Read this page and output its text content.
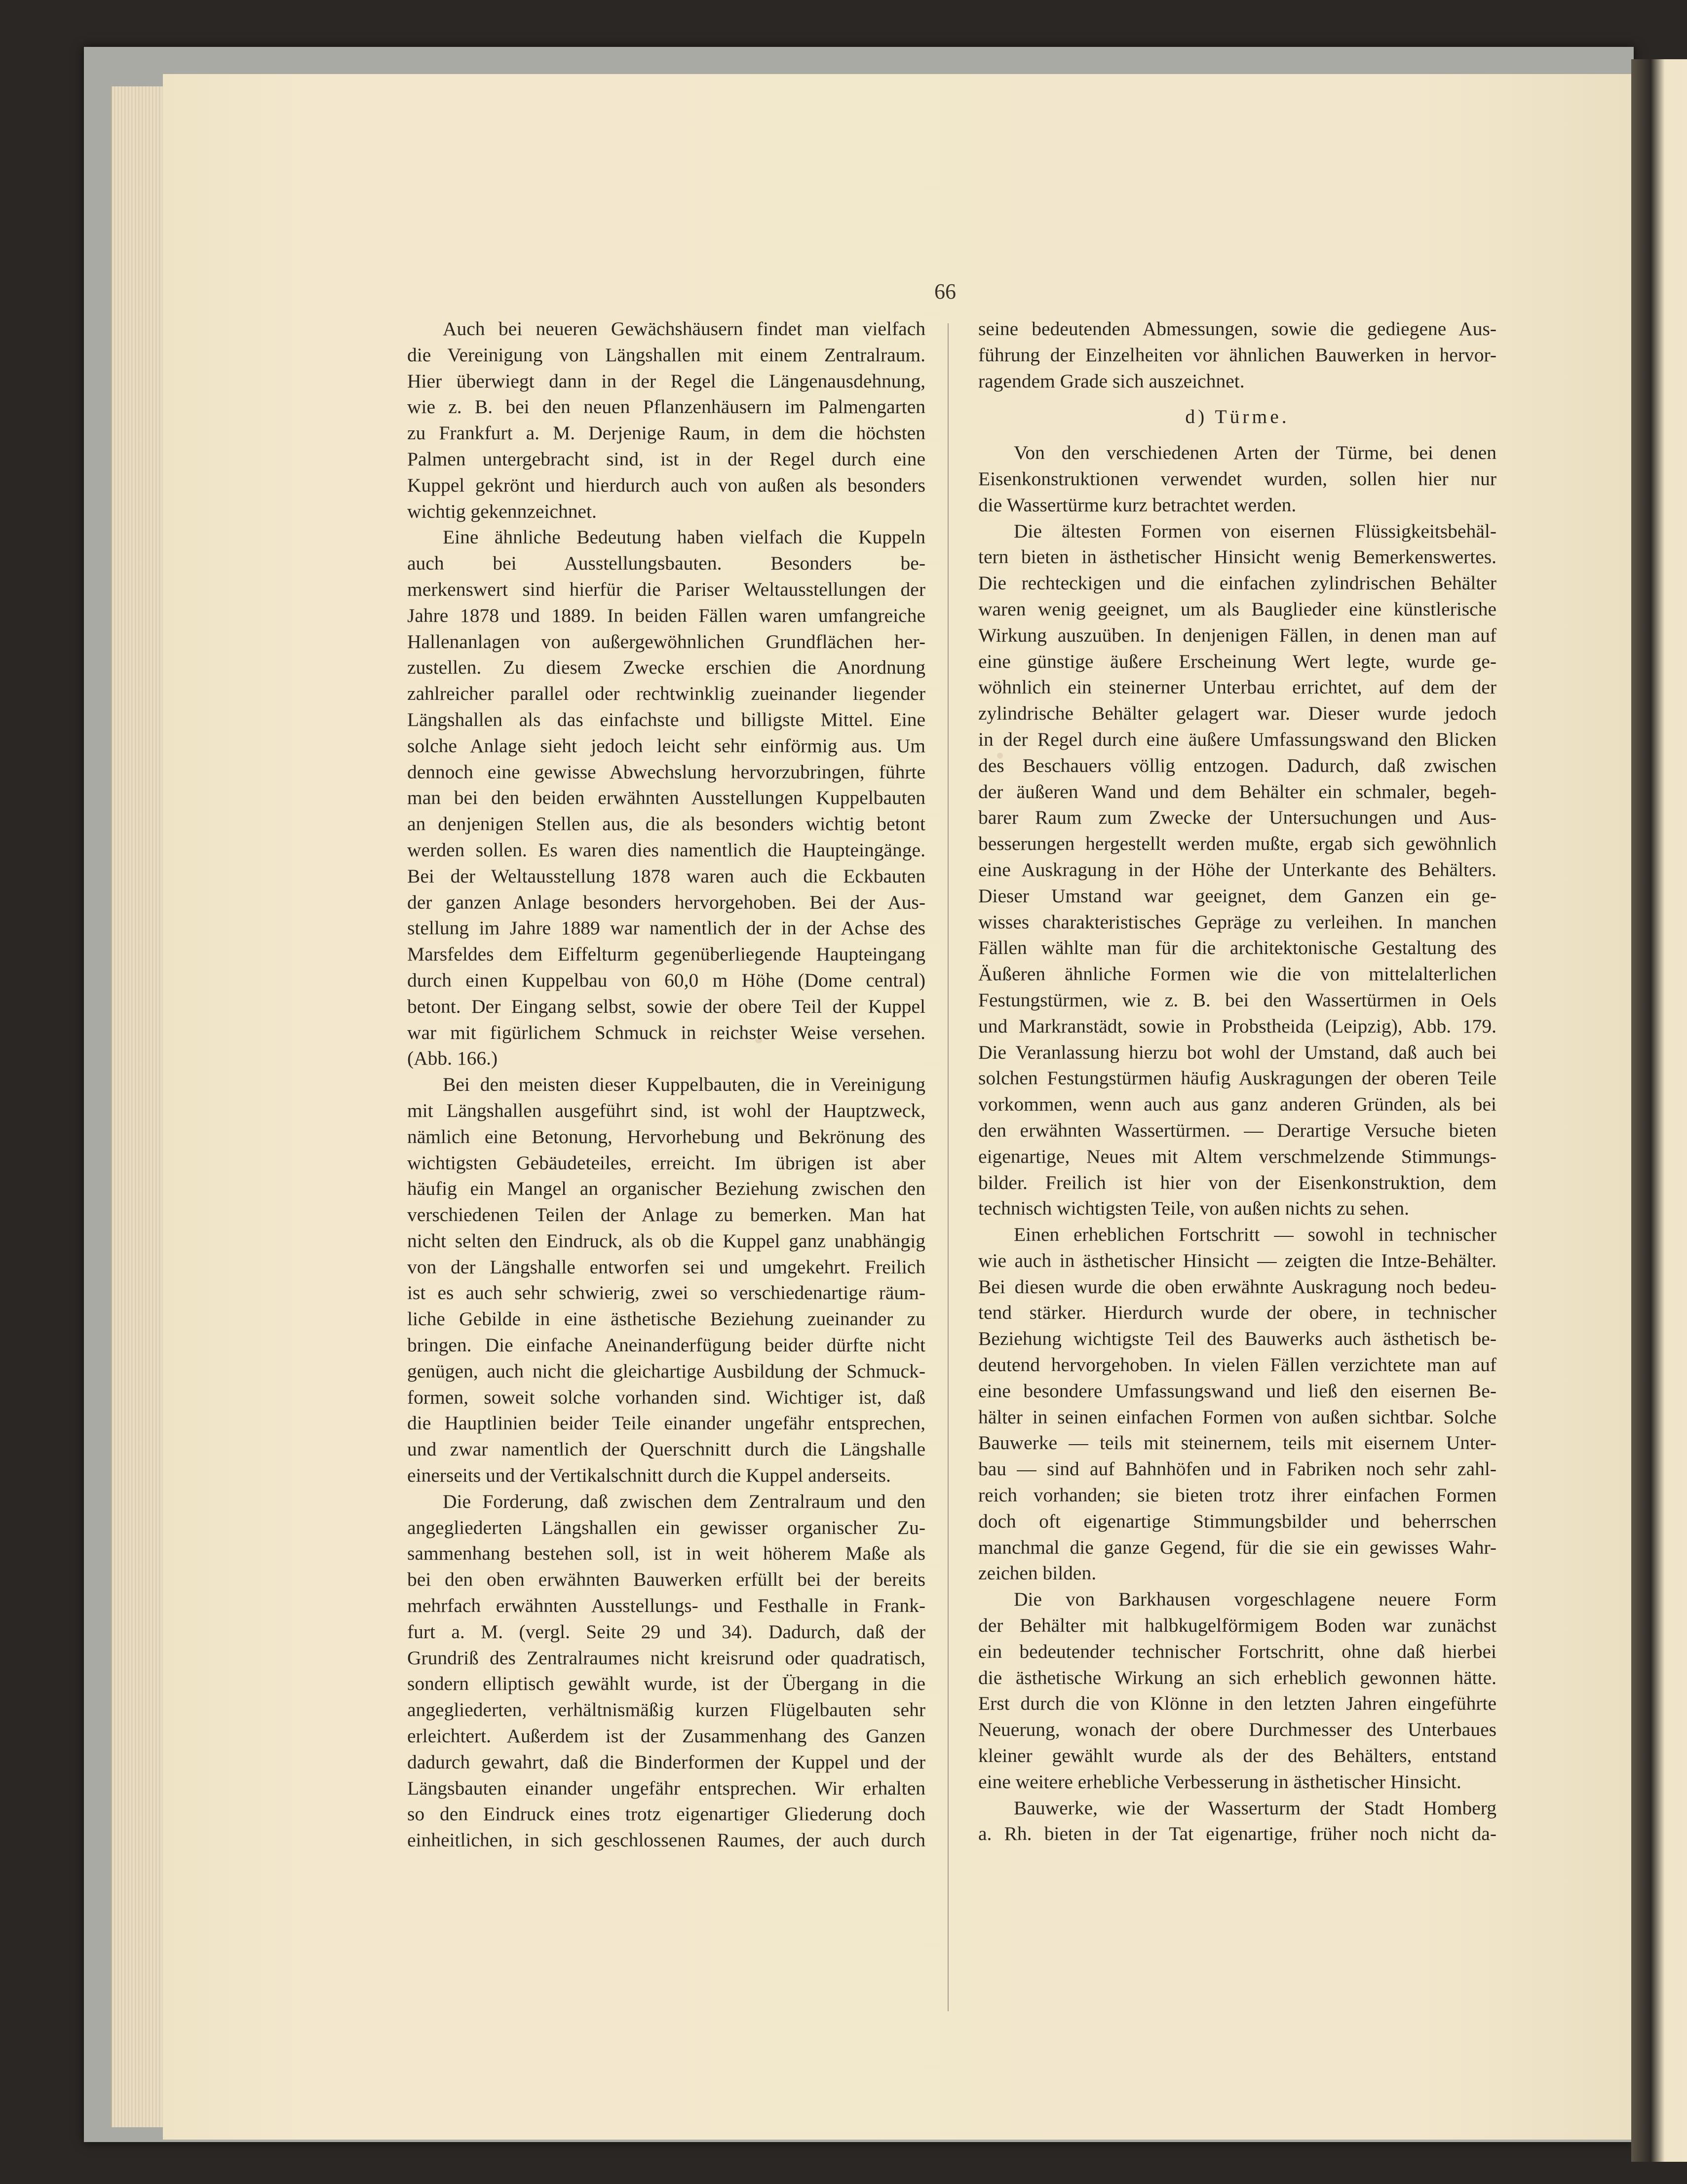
66
Auch bei neueren Gewächshäusern findet man vielfach
die Vereinigung von Längshallen mit einem Zentralraum.
Hier überwiegt dann in der Regel die Längenausdehnung,
wie z. B. bei den neuen Pflanzenhäusern im Palmengarten
zu Frankfurt a. M. Derjenige Raum, in dem die höchsten
Palmen untergebracht sind, ist in der Regel durch eine
Kuppel gekrönt und hierdurch auch von außen als besonders
wichtig gekennzeichnet.
Eine ähnliche Bedeutung haben vielfach die Kuppeln
auch bei Ausstellungsbauten. Besonders be-
merkenswert sind hierfür die Pariser Weltausstellungen der
Jahre 1878 und 1889. In beiden Fällen waren umfangreiche
Hallenanlagen von außergewöhnlichen Grundflächen her-
zustellen. Zu diesem Zwecke erschien die Anordnung
zahlreicher parallel oder rechtwinklig zueinander liegender
Längshallen als das einfachste und billigste Mittel. Eine
solche Anlage sieht jedoch leicht sehr einförmig aus. Um
dennoch eine gewisse Abwechslung hervorzubringen, führte
man bei den beiden erwähnten Ausstellungen Kuppelbauten
an denjenigen Stellen aus, die als besonders wichtig betont
werden sollen. Es waren dies namentlich die Haupteingänge.
Bei der Weltausstellung 1878 waren auch die Eckbauten
der ganzen Anlage besonders hervorgehoben. Bei der Aus-
stellung im Jahre 1889 war namentlich der in der Achse des
Marsfeldes dem Eiffelturm gegenüberliegende Haupteingang
durch einen Kuppelbau von 60,0 m Höhe (Dome central)
betont. Der Eingang selbst, sowie der obere Teil der Kuppel
war mit figürlichem Schmuck in reichster Weise versehen.
(Abb. 166.)
Bei den meisten dieser Kuppelbauten, die in Vereinigung
mit Längshallen ausgeführt sind, ist wohl der Hauptzweck,
nämlich eine Betonung, Hervorhebung und Bekrönung des
wichtigsten Gebäudeteiles, erreicht. Im übrigen ist aber
häufig ein Mangel an organischer Beziehung zwischen den
verschiedenen Teilen der Anlage zu bemerken. Man hat
nicht selten den Eindruck, als ob die Kuppel ganz unabhängig
von der Längshalle entworfen sei und umgekehrt. Freilich
ist es auch sehr schwierig, zwei so verschiedenartige räum-
liche Gebilde in eine ästhetische Beziehung zueinander zu
bringen. Die einfache Aneinanderfügung beider dürfte nicht
genügen, auch nicht die gleichartige Ausbildung der Schmuck-
formen, soweit solche vorhanden sind. Wichtiger ist, daß
die Hauptlinien beider Teile einander ungefähr entsprechen,
und zwar namentlich der Querschnitt durch die Längshalle
einerseits und der Vertikalschnitt durch die Kuppel anderseits.
Die Forderung, daß zwischen dem Zentralraum und den
angegliederten Längshallen ein gewisser organischer Zu-
sammenhang bestehen soll, ist in weit höherem Maße als
bei den oben erwähnten Bauwerken erfüllt bei der bereits
mehrfach erwähnten Ausstellungs- und Festhalle in Frank-
furt a. M. (vergl. Seite 29 und 34). Dadurch, daß der
Grundriß des Zentralraumes nicht kreisrund oder quadratisch,
sondern elliptisch gewählt wurde, ist der Übergang in die
angegliederten, verhältnismäßig kurzen Flügelbauten sehr
erleichtert. Außerdem ist der Zusammenhang des Ganzen
dadurch gewahrt, daß die Binderformen der Kuppel und der
Längsbauten einander ungefähr entsprechen. Wir erhalten
so den Eindruck eines trotz eigenartiger Gliederung doch
einheitlichen, in sich geschlossenen Raumes, der auch durch
seine bedeutenden Abmessungen, sowie die gediegene Aus-
führung der Einzelheiten vor ähnlichen Bauwerken in hervor-
ragendem Grade sich auszeichnet.
d) Türme.
Von den verschiedenen Arten der Türme, bei denen
Eisenkonstruktionen verwendet wurden, sollen hier nur
die Wassertürme kurz betrachtet werden.
Die ältesten Formen von eisernen Flüssigkeitsbehäl-
tern bieten in ästhetischer Hinsicht wenig Bemerkenswertes.
Die rechteckigen und die einfachen zylindrischen Behälter
waren wenig geeignet, um als Bauglieder eine künstlerische
Wirkung auszuüben. In denjenigen Fällen, in denen man auf
eine günstige äußere Erscheinung Wert legte, wurde ge-
wöhnlich ein steinerner Unterbau errichtet, auf dem der
zylindrische Behälter gelagert war. Dieser wurde jedoch
in der Regel durch eine äußere Umfassungswand den Blicken
des Beschauers völlig entzogen. Dadurch, daß zwischen
der äußeren Wand und dem Behälter ein schmaler, begeh-
barer Raum zum Zwecke der Untersuchungen und Aus-
besserungen hergestellt werden mußte, ergab sich gewöhnlich
eine Auskragung in der Höhe der Unterkante des Behälters.
Dieser Umstand war geeignet, dem Ganzen ein ge-
wisses charakteristisches Gepräge zu verleihen. In manchen
Fällen wählte man für die architektonische Gestaltung des
Äußeren ähnliche Formen wie die von mittelalterlichen
Festungstürmen, wie z. B. bei den Wassertürmen in Oels
und Markranstädt, sowie in Probstheida (Leipzig), Abb. 179.
Die Veranlassung hierzu bot wohl der Umstand, daß auch bei
solchen Festungstürmen häufig Auskragungen der oberen Teile
vorkommen, wenn auch aus ganz anderen Gründen, als bei
den erwähnten Wassertürmen. — Derartige Versuche bieten
eigenartige, Neues mit Altem verschmelzende Stimmungs-
bilder. Freilich ist hier von der Eisenkonstruktion, dem
technisch wichtigsten Teile, von außen nichts zu sehen.
Einen erheblichen Fortschritt — sowohl in technischer
wie auch in ästhetischer Hinsicht — zeigten die Intze-Behälter.
Bei diesen wurde die oben erwähnte Auskragung noch bedeu-
tend stärker. Hierdurch wurde der obere, in technischer
Beziehung wichtigste Teil des Bauwerks auch ästhetisch be-
deutend hervorgehoben. In vielen Fällen verzichtete man auf
eine besondere Umfassungswand und ließ den eisernen Be-
hälter in seinen einfachen Formen von außen sichtbar. Solche
Bauwerke — teils mit steinernem, teils mit eisernem Unter-
bau — sind auf Bahnhöfen und in Fabriken noch sehr zahl-
reich vorhanden; sie bieten trotz ihrer einfachen Formen
doch oft eigenartige Stimmungsbilder und beherrschen
manchmal die ganze Gegend, für die sie ein gewisses Wahr-
zeichen bilden.
Die von Barkhausen vorgeschlagene neuere Form
der Behälter mit halbkugelförmigem Boden war zunächst
ein bedeutender technischer Fortschritt, ohne daß hierbei
die ästhetische Wirkung an sich erheblich gewonnen hätte.
Erst durch die von Klönne in den letzten Jahren eingeführte
Neuerung, wonach der obere Durchmesser des Unterbaues
kleiner gewählt wurde als der des Behälters, entstand
eine weitere erhebliche Verbesserung in ästhetischer Hinsicht.
Bauwerke, wie der Wasserturm der Stadt Homberg
a. Rh. bieten in der Tat eigenartige, früher noch nicht da-
